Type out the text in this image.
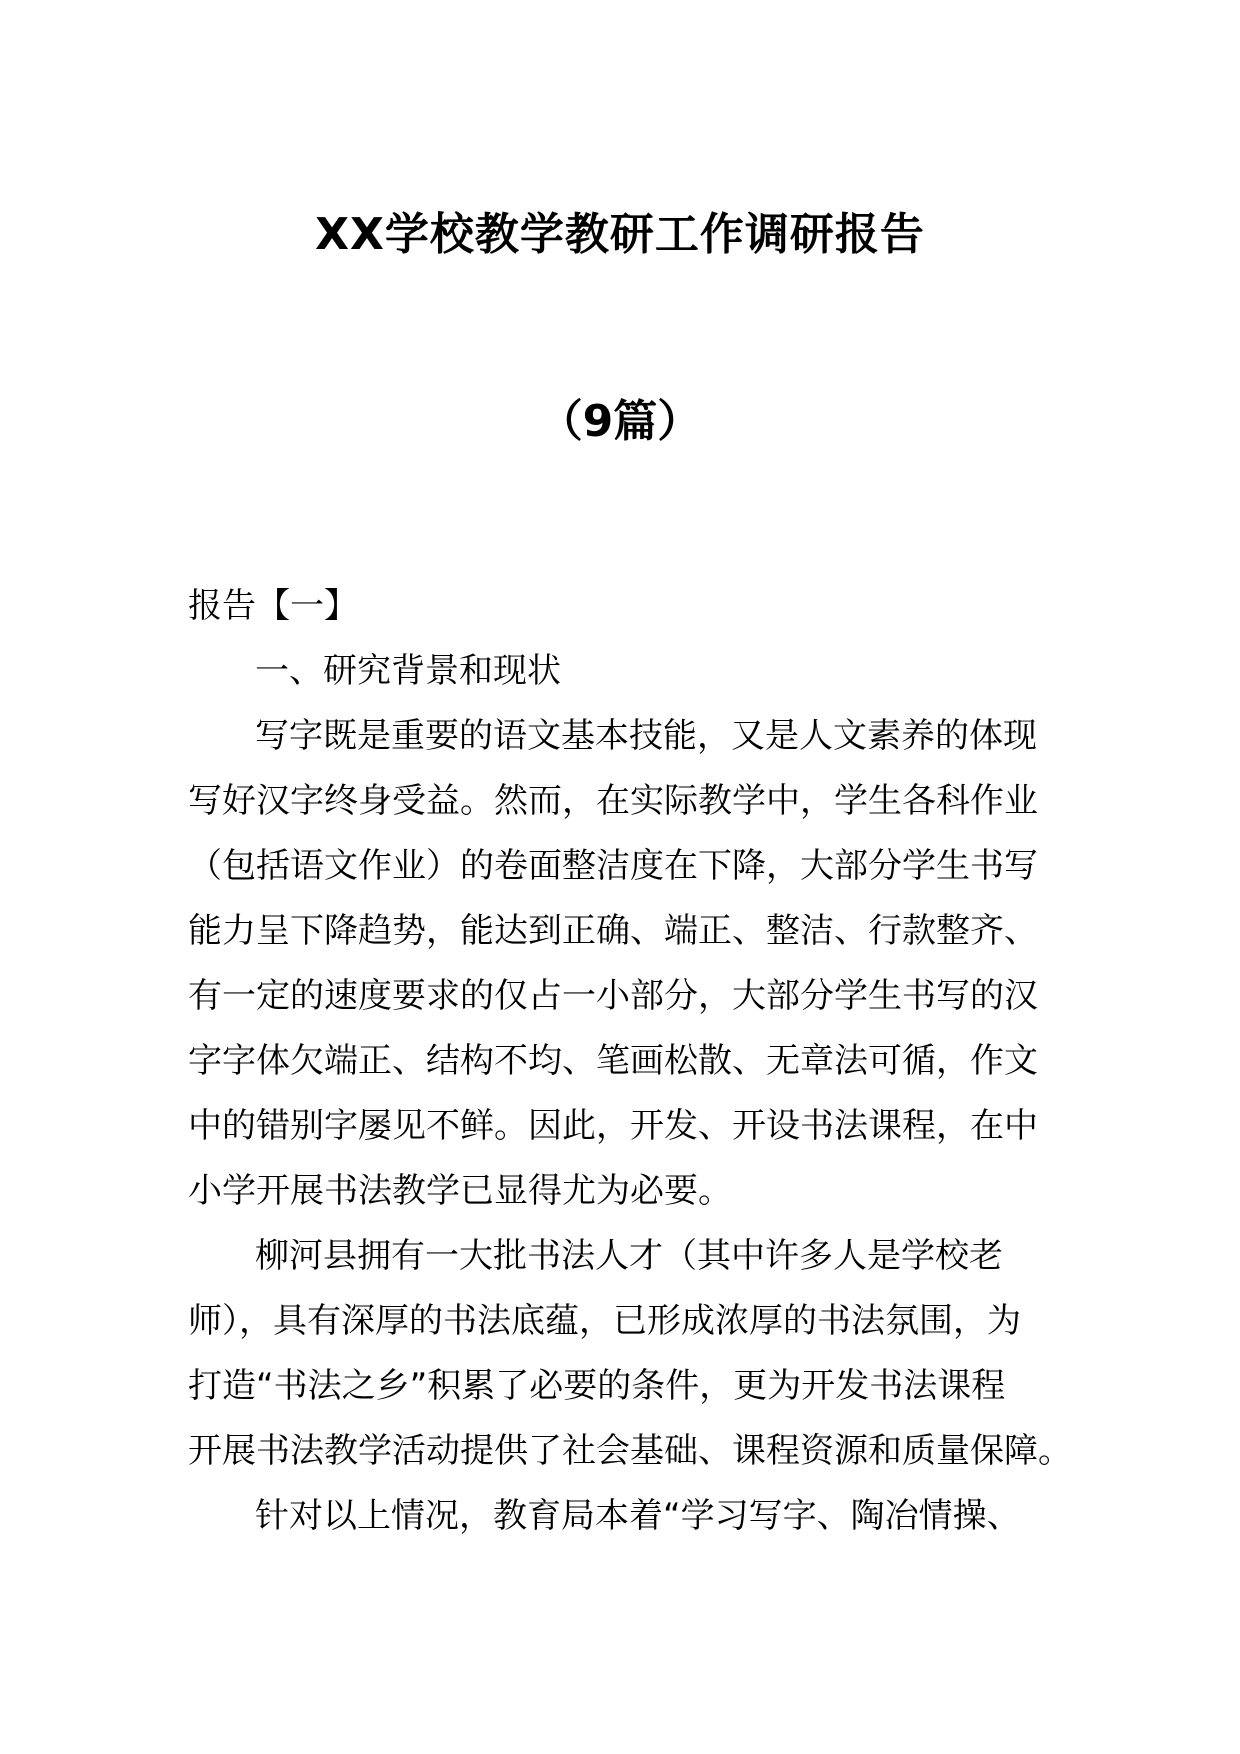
XX学校教学教研工作调研报告
（9篇）
报告【一】
一、研究背景和现状
写字既是重要的语文基本技能，又是人文素养的体现
写好汉字终身受益。然而，在实际教学中，学生各科作业
（包括语文作业）的卷面整洁度在下降，大部分学生书写
能力呈下降趋势，能达到正确、端正、整洁、行款整齐、
有一定的速度要求的仅占一小部分，大部分学生书写的汉
字字体欠端正、结构不均、笔画松散、无章法可循，作文
中的错别字屡见不鲜。因此，开发、开设书法课程，在中
小学开展书法教学已显得尤为必要。
柳河县拥有一大批书法人才（其中许多人是学校老
师），具有深厚的书法底蕴，已形成浓厚的书法氛围，为
打造“书法之乡”积累了必要的条件，更为开发书法课程
开展书法教学活动提供了社会基础、课程资源和质量保障。
针对以上情况，教育局本着“学习写字、陶冶情操、
